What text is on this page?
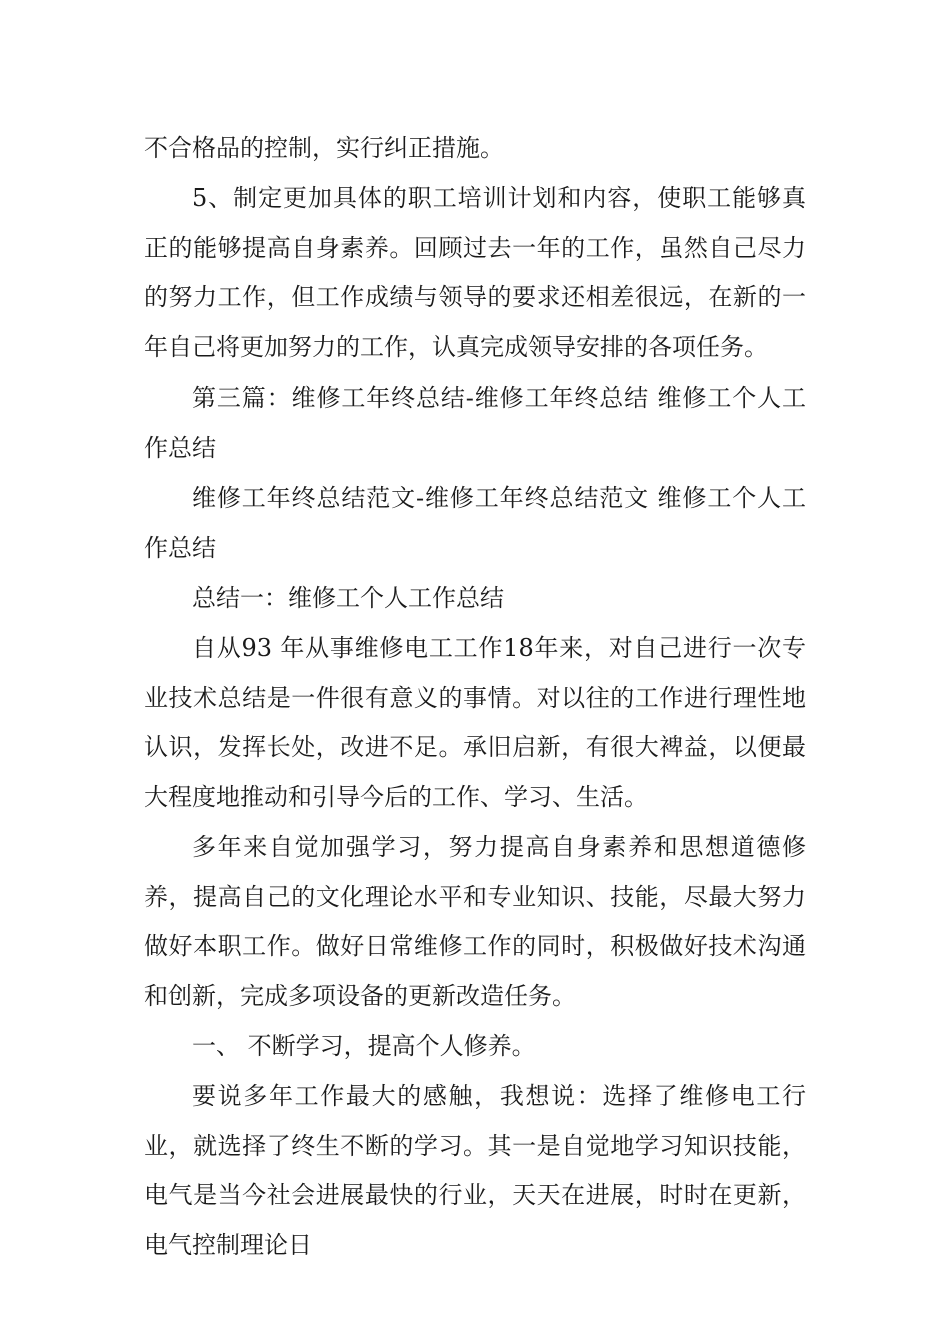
不合格品的控制，实行纠正措施。

5、制定更加具体的职工培训计划和内容，使职工能够真正的能够提高自身素养。回顾过去一年的工作，虽然自己尽力的努力工作，但工作成绩与领导的要求还相差很远，在新的一年自己将更加努力的工作，认真完成领导安排的各项任务。

第三篇：维修工年终总结-维修工年终总结 维修工个人工作总结

维修工年终总结范文-维修工年终总结范文 维修工个人工作总结

总结一：维修工个人工作总结

自从93 年从事维修电工工作18年来，对自己进行一次专业技术总结是一件很有意义的事情。对以往的工作进行理性地认识，发挥长处，改进不足。承旧启新，有很大裨益，以便最大程度地推动和引导今后的工作、学习、生活。

多年来自觉加强学习，努力提高自身素养和思想道德修养，提高自己的文化理论水平和专业知识、技能，尽最大努力做好本职工作。做好日常维修工作的同时，积极做好技术沟通和创新，完成多项设备的更新改造任务。

一、 不断学习，提高个人修养。

要说多年工作最大的感触，我想说：选择了维修电工行业，就选择了终生不断的学习。其一是自觉地学习知识技能，电气是当今社会进展最快的行业，天天在进展，时时在更新，电气控制理论日
